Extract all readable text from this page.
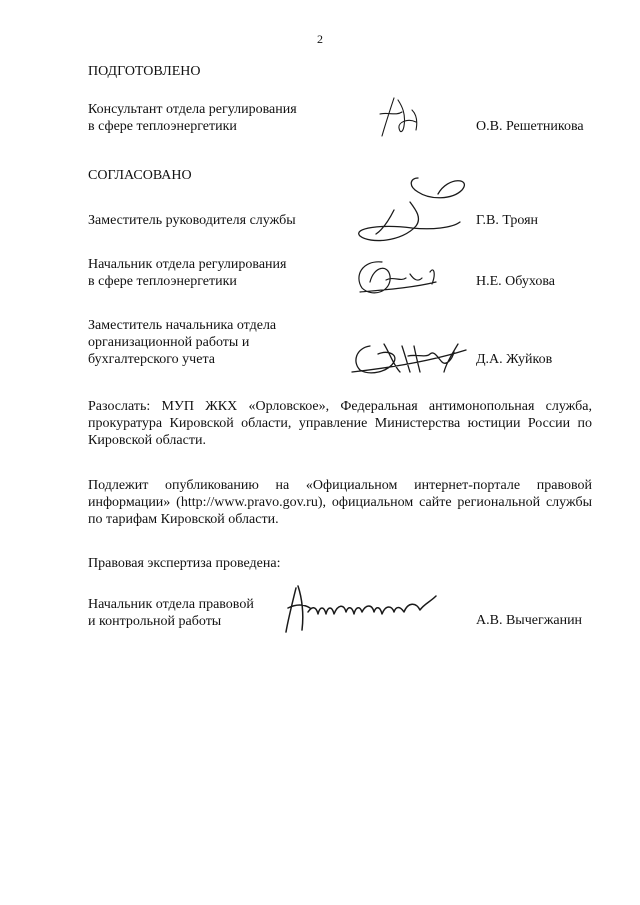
2
ПОДГОТОВЛЕНО
Консультант отдела регулирования
в сфере теплоэнергетики	О.В. Решетникова
СОГЛАСОВАНО
Заместитель руководителя службы	Г.В. Троян
Начальник отдела регулирования
в сфере теплоэнергетики	Н.Е. Обухова
Заместитель начальника отдела
организационной работы и
бухгалтерского учета	Д.А. Жуйков
Разослать: МУП ЖКХ «Орловское», Федеральная антимонопольная служба, прокуратура Кировской области, управление Министерства юстиции России по Кировской области.
Подлежит опубликованию на «Официальном интернет-портале правовой информации» (http://www.pravo.gov.ru), официальном сайте региональной службы по тарифам Кировской области.
Правовая экспертиза проведена:
Начальник отдела правовой
и контрольной работы	А.В. Вычегжанин
